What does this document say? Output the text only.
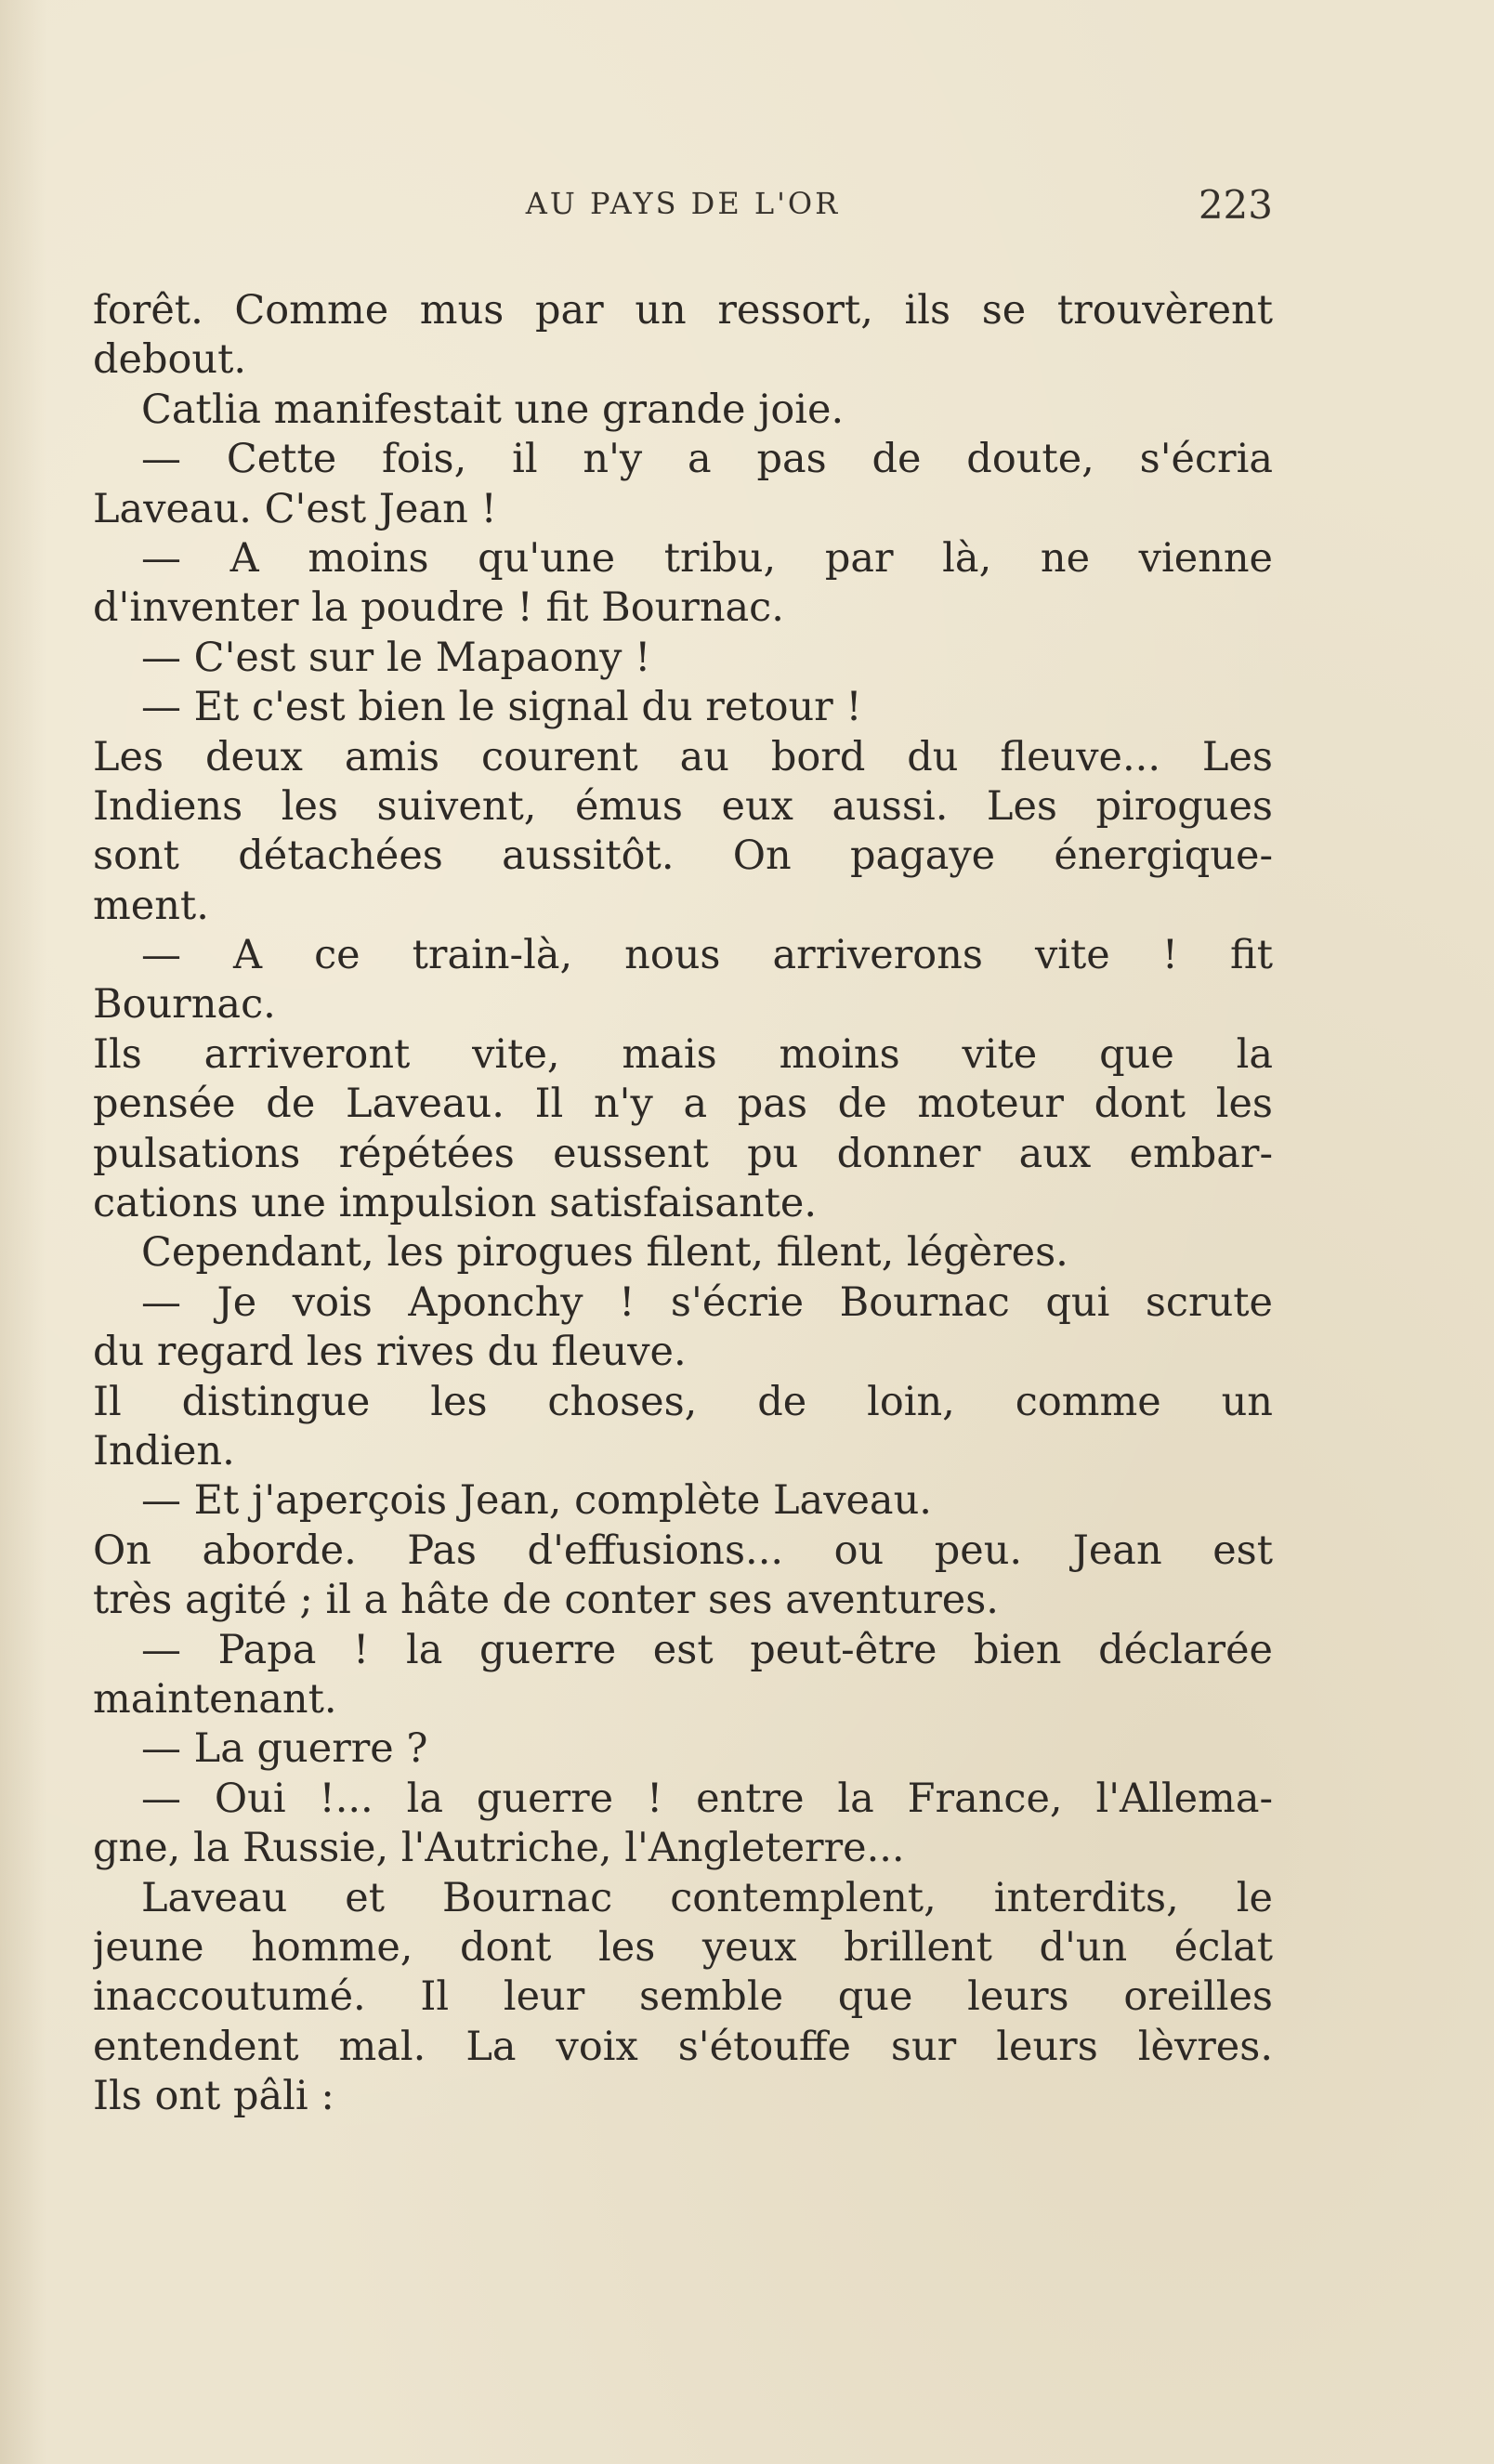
AU PAYS DE L'OR	223
forêt. Comme mus par un ressort, ils se trouvèrent
debout.
Catlia manifestait une grande joie.
— Cette fois, il n'y a pas de doute, s'écria
Laveau. C'est Jean !
— A moins qu'une tribu, par là, ne vienne
d'inventer la poudre ! fit Bournac.
— C'est sur le Mapaony !
— Et c'est bien le signal du retour !
Les deux amis courent au bord du fleuve... Les
Indiens les suivent, émus eux aussi. Les pirogues
sont détachées aussitôt. On pagaye énergique-
ment.
— A ce train-là, nous arriverons vite ! fit
Bournac.
Ils arriveront vite, mais moins vite que la
pensée de Laveau. Il n'y a pas de moteur dont les
pulsations répétées eussent pu donner aux embar-
cations une impulsion satisfaisante.
Cependant, les pirogues filent, filent, légères.
— Je vois Aponchy ! s'écrie Bournac qui scrute
du regard les rives du fleuve.
Il distingue les choses, de loin, comme un
Indien.
— Et j'aperçois Jean, complète Laveau.
On aborde. Pas d'effusions... ou peu. Jean est
très agité ; il a hâte de conter ses aventures.
— Papa ! la guerre est peut-être bien déclarée
maintenant.
— La guerre ?
— Oui !... la guerre ! entre la France, l'Allema-
gne, la Russie, l'Autriche, l'Angleterre...
Laveau et Bournac contemplent, interdits, le
jeune homme, dont les yeux brillent d'un éclat
inaccoutumé. Il leur semble que leurs oreilles
entendent mal. La voix s'étouffe sur leurs lèvres.
Ils ont pâli :
